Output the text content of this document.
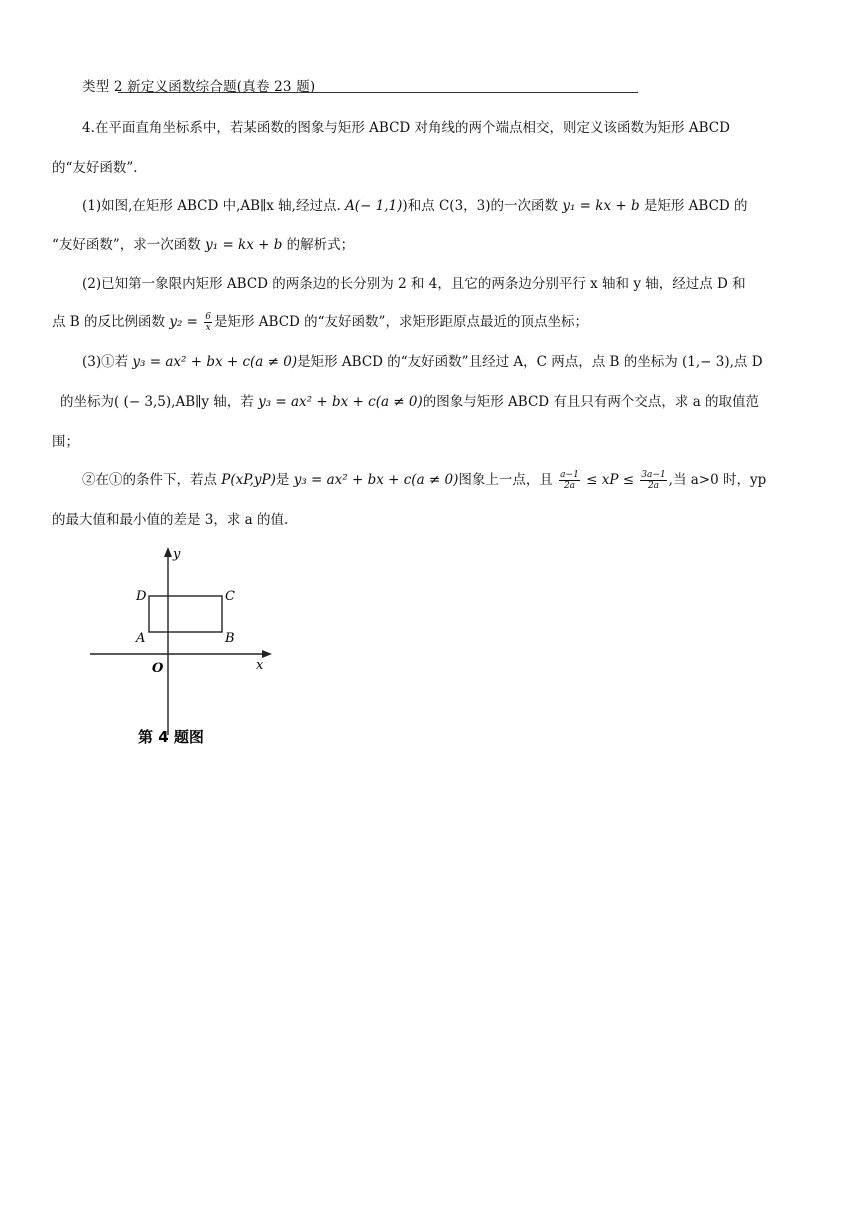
类型 2 新定义函数综合题(真卷 23 题)
4.在平面直角坐标系中，若某函数的图象与矩形 ABCD 对角线的两个端点相交，则定义该函数为矩形 ABCD
的“友好函数”.
(1)如图,在矩形 ABCD 中,AB∥x 轴,经过点. A(− 1,1))和点 C(3，3)的一次函数 y₁ = kx + b 是矩形 ABCD 的
“友好函数”，求一次函数 y₁ = kx + b 的解析式；
(2)已知第一象限内矩形 ABCD 的两条边的长分别为 2 和 4，且它的两条边分别平行 x 轴和 y 轴，经过点 D 和
点 B 的反比例函数 $y_2 = \frac{6}{x}$ 是矩形 ABCD 的“友好函数”，求矩形距原点最近的顶点坐标；
(3)①若 y₃ = ax² + bx + c(a ≠ 0)是矩形 ABCD 的“友好函数”且经过 A，C 两点，点 B 的坐标为 (1,− 3),点 D
的坐标为( (− 3,5),AB∥y 轴，若 y₃ = ax² + bx + c(a ≠ 0)的图象与矩形 ABCD 有且只有两个交点，求 a 的取值范
围；
②在①的条件下，若点 P(xP,yP)是 y₃ = ax² + bx + c(a ≠ 0)图象上一点，且 $\frac{a-1}{2a}$ ≤ xP ≤ $\frac{3a-1}{2a}$ ,当 a>0 时，yp
的最大值和最小值的差是 3，求 a 的值.
y
x
O
A	B
C
D
第 4 题图
